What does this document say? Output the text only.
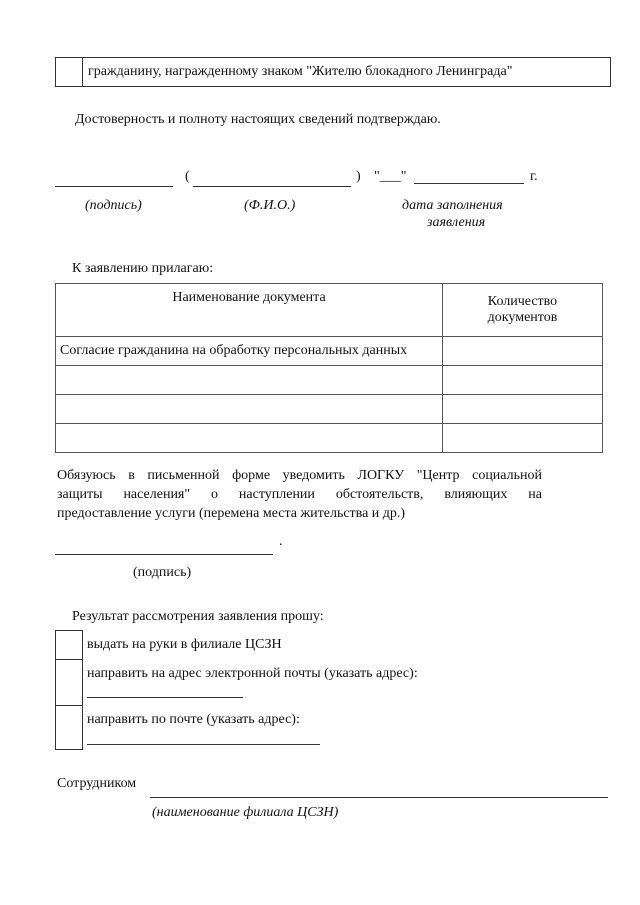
гражданину, награжденному знаком "Жителю блокадного Ленинграда"
Достоверность и полноту настоящих сведений подтверждаю.
(	) "___"	г.
(подпись)	(Ф.И.О.)	дата заполнения
заявления
К заявлению прилагаю:
Наименование документа	Количество документов
Согласие гражданина на обработку персональных данных	

Обязуюсь в письменной форме уведомить ЛОГКУ "Центр социальной
защиты населения" о наступлении обстоятельств, влияющих на
предоставление услуги (перемена места жительства и др.)
.
(подпись)
Результат рассмотрения заявления прошу:
выдать на руки в филиале ЦСЗН
направить на адрес электронной почты (указать адрес):
направить по почте (указать адрес):
Сотрудником
(наименование филиала ЦСЗН)
